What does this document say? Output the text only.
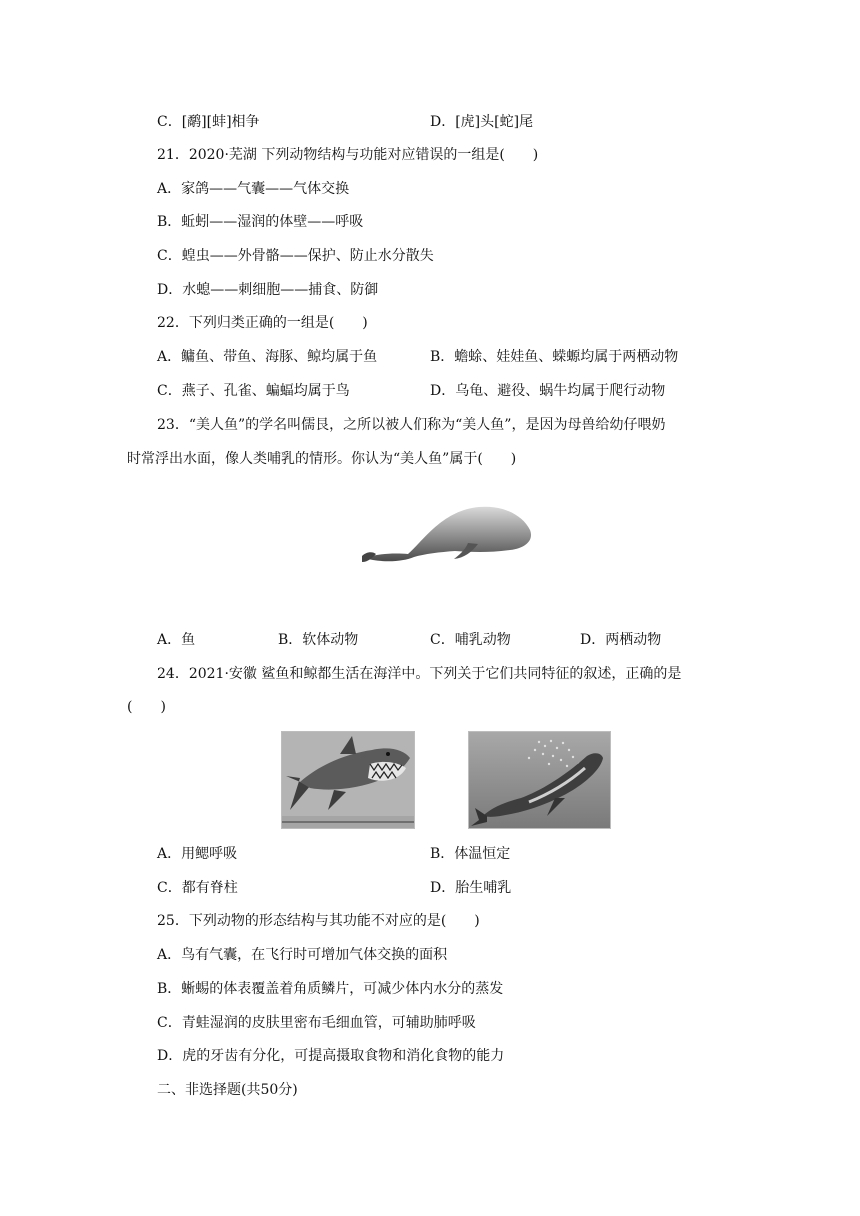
C．[鹬][蚌]相争	D．[虎]头[蛇]尾
21．2020·芜湖 下列动物结构与功能对应错误的一组是(　　)
A．家鸽——气囊——气体交换
B．蚯蚓——湿润的体壁——呼吸
C．蝗虫——外骨骼——保护、防止水分散失
D．水螅——刺细胞——捕食、防御
22．下列归类正确的一组是(　　)
A．鳙鱼、带鱼、海豚、鲸均属于鱼	B．蟾蜍、娃娃鱼、蝾螈均属于两栖动物
C．燕子、孔雀、蝙蝠均属于鸟	D．乌龟、避役、蜗牛均属于爬行动物
23．“美人鱼”的学名叫儒艮，之所以被人们称为“美人鱼”，是因为母兽给幼仔喂奶
时常浮出水面，像人类哺乳的情形。你认为“美人鱼”属于(　　)
A．鱼	B．软体动物	C．哺乳动物	D．两栖动物
24．2021·安徽 鲨鱼和鲸都生活在海洋中。下列关于它们共同特征的叙述，正确的是
(　　)
A．用鳃呼吸	B．体温恒定
C．都有脊柱	D．胎生哺乳
25．下列动物的形态结构与其功能不对应的是(　　)
A．鸟有气囊，在飞行时可增加气体交换的面积
B．蜥蜴的体表覆盖着角质鳞片，可减少体内水分的蒸发
C．青蛙湿润的皮肤里密布毛细血管，可辅助肺呼吸
D．虎的牙齿有分化，可提高摄取食物和消化食物的能力
二、非选择题(共50分)
